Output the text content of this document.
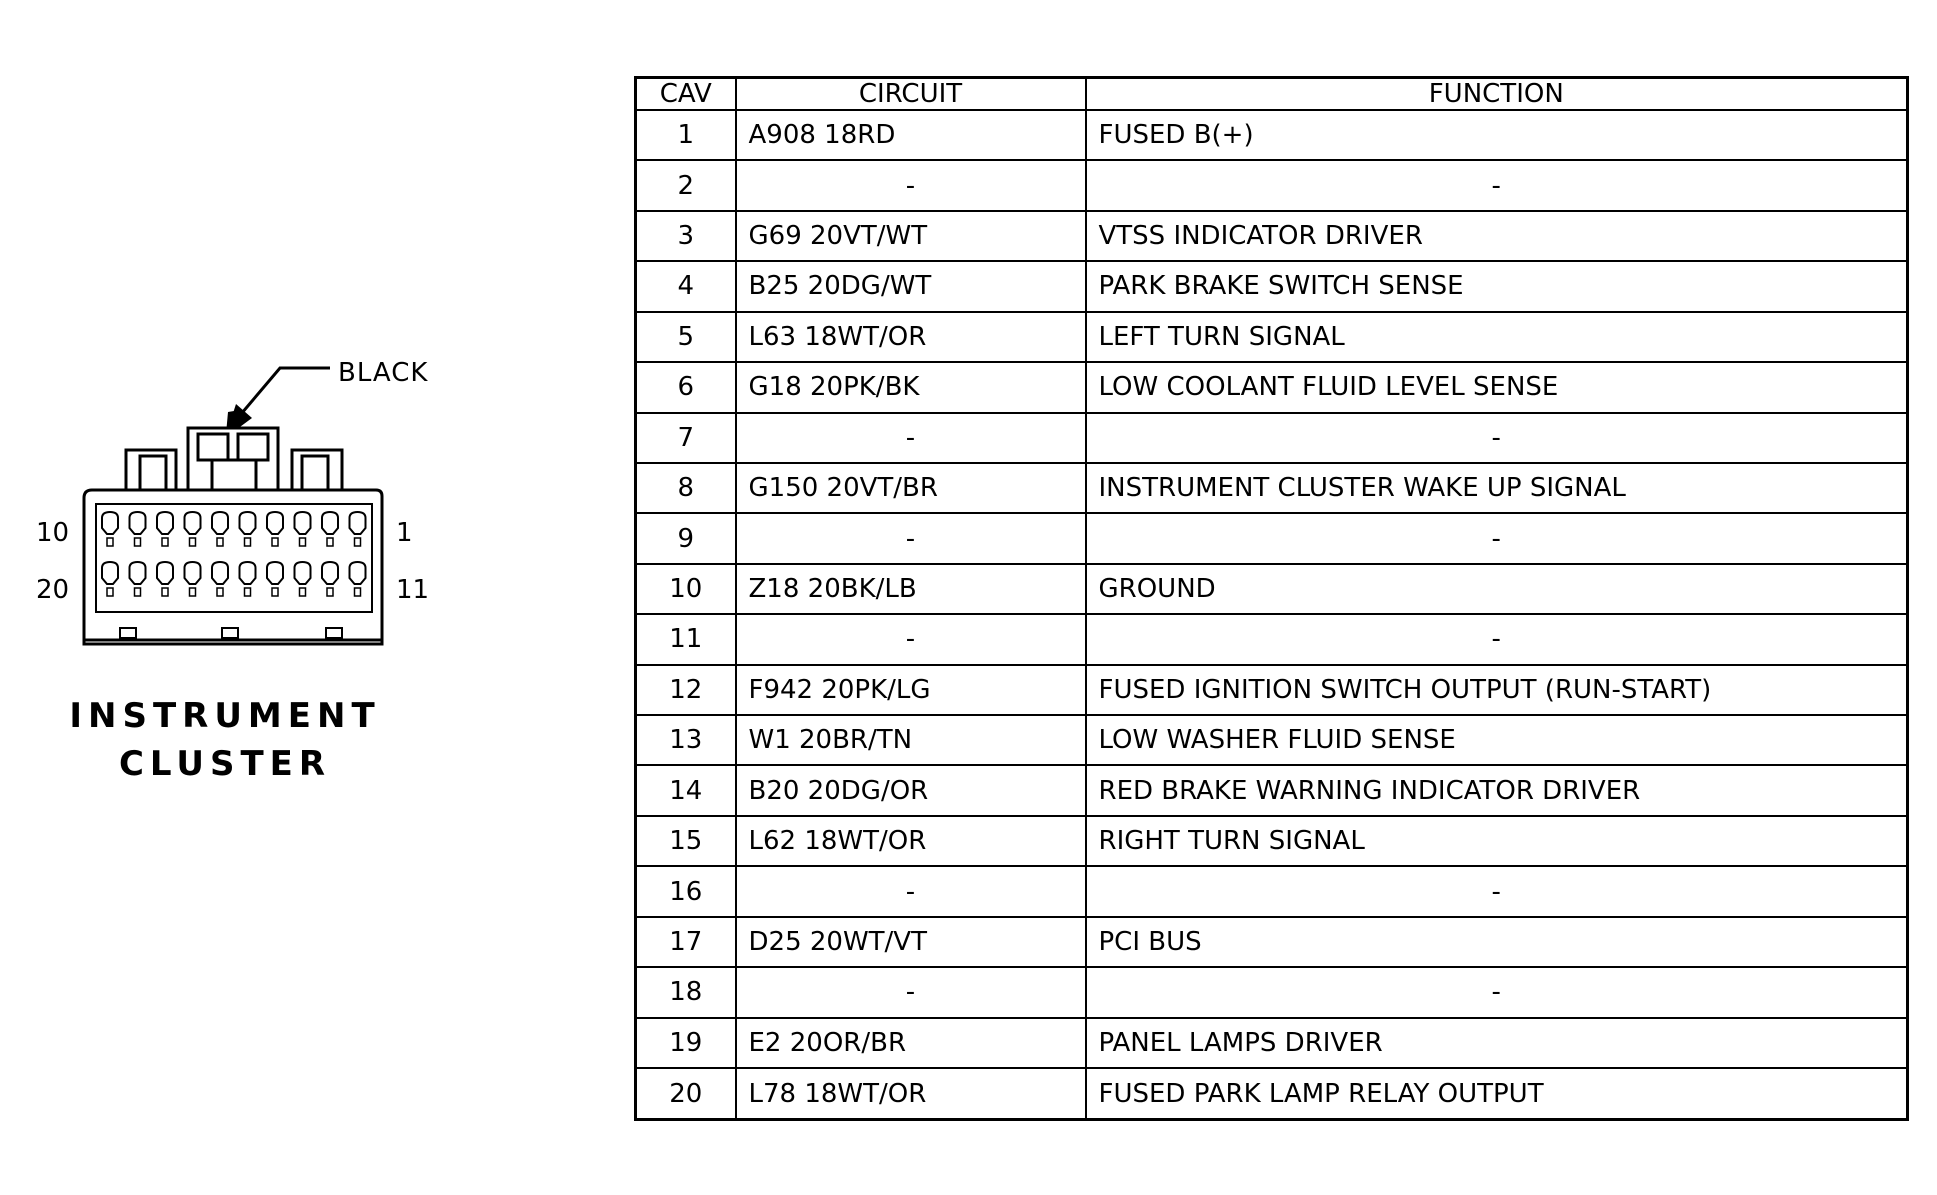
BLACK
10
20
1
11
INSTRUMENT
CLUSTER
CAV	CIRCUIT	FUNCTION
1	A908 18RD	FUSED B(+)
2	-	-
3	G69 20VT/WT	VTSS INDICATOR DRIVER
4	B25 20DG/WT	PARK BRAKE SWITCH SENSE
5	L63 18WT/OR	LEFT TURN SIGNAL
6	G18 20PK/BK	LOW COOLANT FLUID LEVEL SENSE
7	-	-
8	G150 20VT/BR	INSTRUMENT CLUSTER WAKE UP SIGNAL
9	-	-
10	Z18 20BK/LB	GROUND
11	-	-
12	F942 20PK/LG	FUSED IGNITION SWITCH OUTPUT (RUN-START)
13	W1 20BR/TN	LOW WASHER FLUID SENSE
14	B20 20DG/OR	RED BRAKE WARNING INDICATOR DRIVER
15	L62 18WT/OR	RIGHT TURN SIGNAL
16	-	-
17	D25 20WT/VT	PCI BUS
18	-	-
19	E2 20OR/BR	PANEL LAMPS DRIVER
20	L78 18WT/OR	FUSED PARK LAMP RELAY OUTPUT
